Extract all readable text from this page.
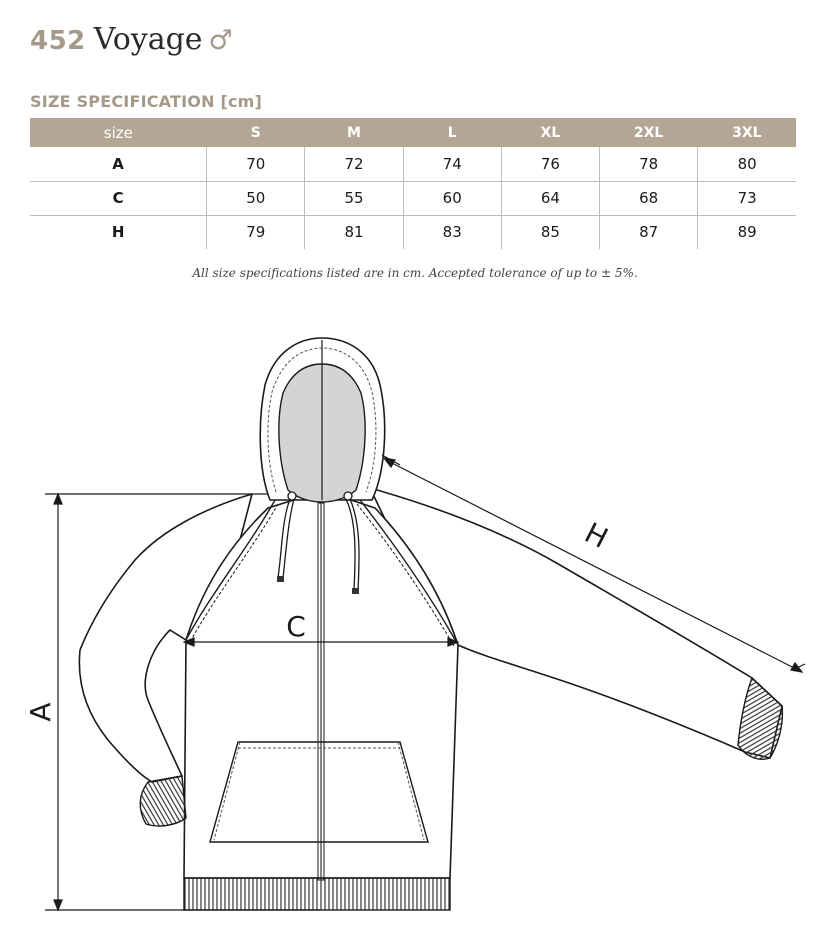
452 Voyage ♂
SIZE SPECIFICATION [cm]
size	S	M	L	XL	2XL	3XL
A	70	72	74	76	78	80
C	50	55	60	64	68	73
H	79	81	83	85	87	89
All size specifications listed are in cm. Accepted tolerance of up to ± 5%.
A
C
H
